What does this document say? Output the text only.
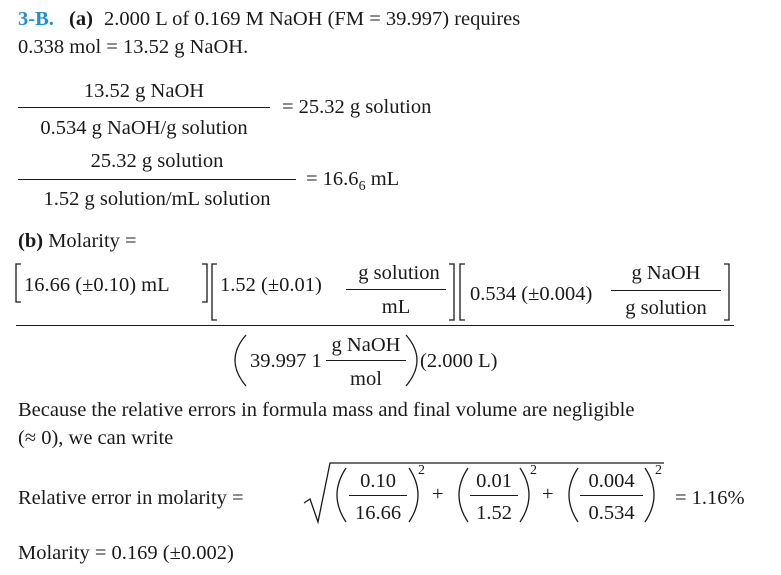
3-B. (a) 2.000 L of 0.169 M NaOH (FM = 39.997) requires
0.338 mol = 13.52 g NaOH.
13.52 g NaOH
0.534 g NaOH/g solution
= 25.32 g solution
25.32 g solution
1.52 g solution/mL solution
= $16.6_6$ mL
(b) Molarity =
16.66 (±0.10) mL 1.52 (±0.01)
g solution
mL
0.534 (±0.004)
g NaOH
g solution
39.997 1
g NaOH
mol
(2.000 L)
Because the relative errors in formula mass and final volume are negligible
(≈ 0), we can write
Relative error in molarity =
0.10
16.66
2
+
0.01
1.52
2
+
0.004
0.534
2
= 1.16%
Molarity = 0.169 (±0.002)
